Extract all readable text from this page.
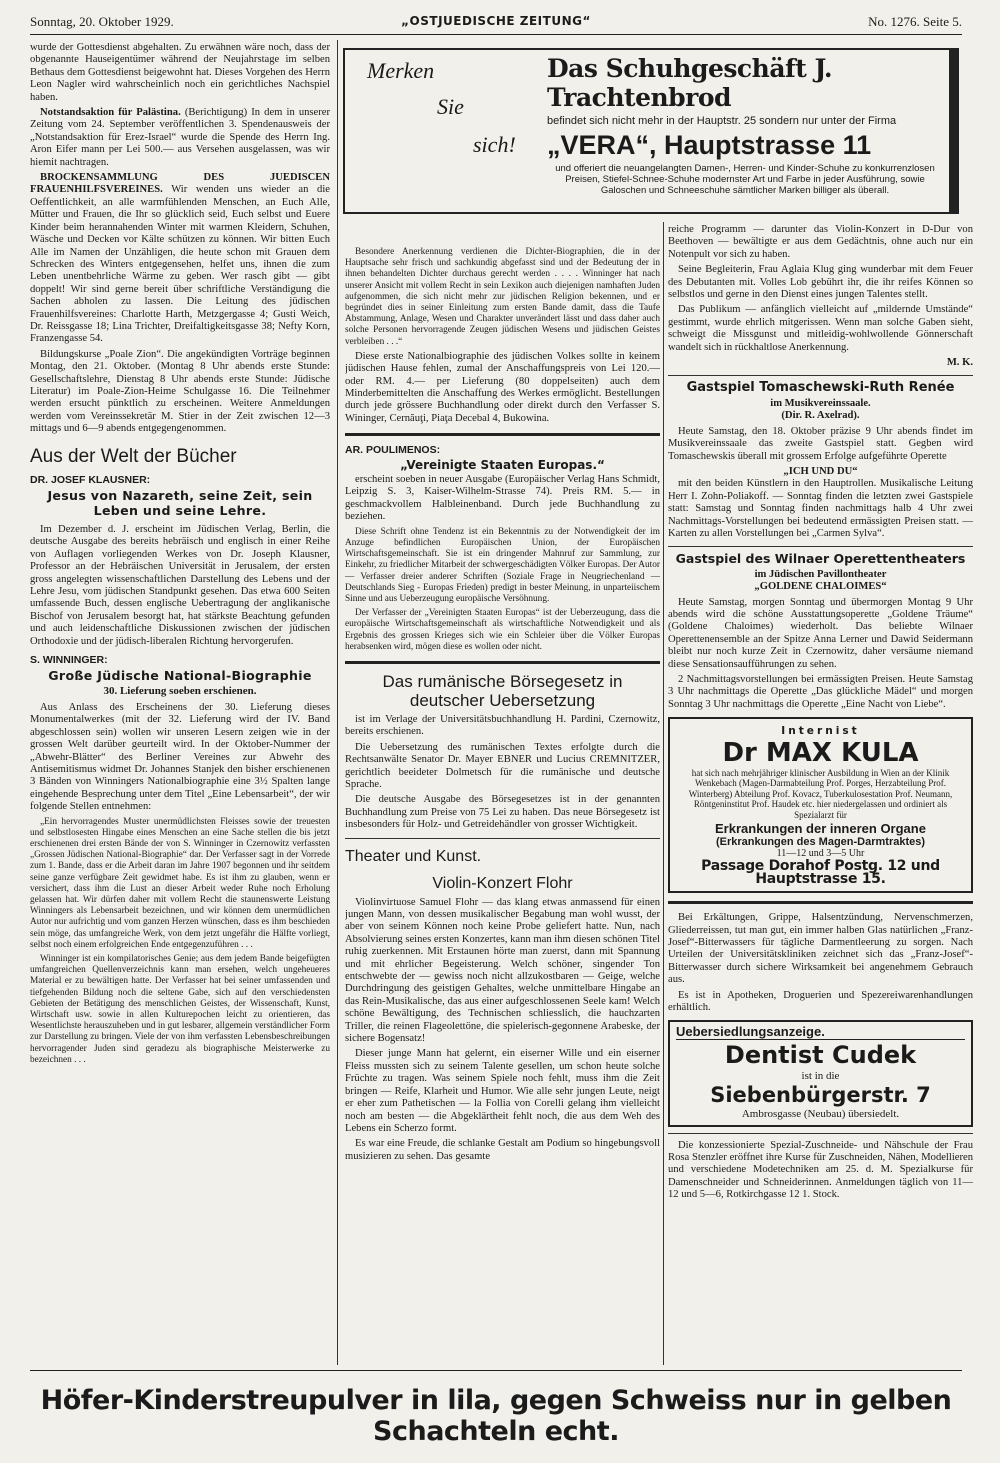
Sonntag, 20. Oktober 1929.	„OSTJUEDISCHE ZEITUNG“	No. 1276. Seite 5.

wurde der Gottesdienst abgehalten. Zu erwähnen wäre noch, dass der obgenannte Hauseigentümer während der Neujahrstage im selben Bethaus dem Gottesdienst beigewohnt hat. Dieses Vorgehen des Herrn Leon Nagler wird wahrscheinlich noch ein gerichtliches Nachspiel haben.

Notstandsaktion für Palästina. (Berichtigung) In dem in unserer Zeitung vom 24. September veröffentlichen 3. Spendenausweis der „Notstandsaktion für Erez-Israel“ wurde die Spende des Herrn Ing. Aron Eifer mann per Lei 500.— aus Versehen ausgelassen, was wir hiemit nachtragen.

BROCKENSAMMLUNG DES JUEDISCEN FRAUENHILFSVEREINES. Wir wenden uns wieder an die Oeffentlichkeit, an alle warmfühlenden Menschen, an Euch Alle, Mütter und Frauen, die Ihr so glücklich seid, Euch selbst und Euere Kinder beim herannahenden Winter mit warmen Kleidern, Schuhen, Wäsche und Decken vor Kälte schützen zu können. Wir bitten Euch Alle im Namen der Unzähligen, die heute schon mit Grauen dem Schrecken des Winters entgegensehen, helfet uns, ihnen die zum Leben unentbehrliche Wärme zu geben. Wer rasch gibt — gibt doppelt! Wir sind gerne bereit über schriftliche Verständigung die Sachen abholen zu lassen. Die Leitung des jüdischen Frauenhilfsvereines: Charlotte Harth, Metzgergasse 4; Gusti Weich, Dr. Reissgasse 18; Lina Trichter, Dreifaltigkeitsgasse 38; Nefty Korn, Franzengasse 54.

Bildungskurse „Poale Zion“. Die angekündigten Vorträge beginnen Montag, den 21. Oktober. (Montag 8 Uhr abends erste Stunde: Gesellschaftslehre, Dienstag 8 Uhr abends erste Stunde: Jüdische Literatur) im Poale-Zion-Heime Schulgasse 16. Die Teilnehmer werden ersucht pünktlich zu erscheinen. Weitere Anmeldungen werden vom Vereinssekretär M. Stier in der Zeit zwischen 12—3 mittags und 6—9 abends entgegengenommen.

Aus der Welt der Bücher
DR. JOSEF KLAUSNER:
Jesus von Nazareth, seine Zeit, sein Leben und seine Lehre.

Im Dezember d. J. erscheint im Jüdischen Verlag, Berlin, die deutsche Ausgabe des bereits hebräisch und englisch in einer Reihe von Auflagen vorliegenden Werkes von Dr. Joseph Klausner, Professor an der Hebräischen Universität in Jerusalem, der ersten gross angelegten wissenschaftlichen Darstellung des Lebens und der Lehre Jesu, vom jüdischen Standpunkt gesehen. Das etwa 600 Seiten umfassende Buch, dessen englische Uebertragung der anglikanische Bischof von Jerusalem besorgt hat, hat stärkste Beachtung gefunden und auch leidenschaftliche Diskussionen zwischen der jüdischen Orthodoxie und der jüdisch-liberalen Richtung hervorgerufen.

S. WINNINGER:
Große Jüdische National-Biographie
30. Lieferung soeben erschienen.

Aus Anlass des Erscheinens der 30. Lieferung dieses Monumentalwerkes (mit der 32. Lieferung wird der IV. Band abgeschlossen sein) wollen wir unseren Lesern zeigen wie in der grossen Welt darüber geurteilt wird. In der Oktober-Nummer der „Abwehr-Blätter“ des Berliner Vereines zur Abwehr des Antisemitismus widmet Dr. Johannes Stanjek den bisher erschienenen 3 Bänden von Winningers Nationalbiographie eine 3½ Spalten lange eingehende Besprechung unter dem Titel „Eine Lebensarbeit“, der wir folgende Stellen entnehmen:

„Ein hervorragendes Muster unermüdlichsten Fleisses sowie der treuesten und selbstlosesten Hingabe eines Menschen an eine Sache stellen die bis jetzt erschienenen drei ersten Bände der von S. Winninger in Czernowitz verfassten „Grossen Jüdischen National-Biographie“ dar. Der Verfasser sagt in der Vorrede zum 1. Bande, dass er die Arbeit daran im Jahre 1907 begonnen und ihr seitdem seine ganze verfügbare Zeit gewidmet habe. Es ist ihm zu glauben, wenn er versichert, dass ihm die Lust an dieser Arbeit weder Ruhe noch Erholung gelassen hat. Wir dürfen daher mit vollem Recht die staunenswerte Leistung Winningers als Lebensarbeit bezeichnen, und wir können dem unermüdlichen Autor nur aufrichtig und vom ganzen Herzen wünschen, dass es ihm beschieden sein möge, das umfangreiche Werk, von dem jetzt ungefähr die Hälfte vorliegt, selbst noch einem erfolgreichen Ende entgegenzuführen . . .

Winninger ist ein kompilatorisches Genie; aus dem jedem Bande beigefügten umfangreichen Quellenverzeichnis kann man ersehen, welch ungeheueres Material er zu bewältigen hatte. Der Verfasser hat bei seiner umfassenden und tiefgehenden Bildung noch die seltene Gabe, sich auf den verschiedensten Gebieten der Betätigung des menschlichen Geistes, der Wissenschaft, Kunst, Wirtschaft usw. sowie in allen Kulturepochen leicht zu orientieren, das Wesentlichste herauszuheben und in gut lesbarer, allgemein verständlicher Form zur Darstellung zu bringen. Viele der von ihm verfassten Lebensbeschreibungen hervorragender Juden sind geradezu als biographische Meisterwerke zu bezeichnen . . .

Merken
Sie
sich!
Das Schuhgeschäft J. Trachtenbrod
befindet sich nicht mehr in der Hauptstr. 25 sondern nur unter der Firma
„VERA“, Hauptstrasse 11
und offeriert die neuangelangten Damen-, Herren- und Kinder-Schuhe zu konkurrenzlosen Preisen, Stiefel-Schnee-Schuhe modernster Art und Farbe in jeder Ausführung, sowie Galoschen und Schneeschuhe sämtlicher Marken billiger als überall.

Besondere Anerkennung verdienen die Dichter-Biographien, die in der Hauptsache sehr frisch und sachkundig abgefasst sind und der Bedeutung der in ihnen behandelten Dichter durchaus gerecht werden . . . . Winninger hat nach unserer Ansicht mit vollem Recht in sein Lexikon auch diejenigen namhaften Juden aufgenommen, die sich nicht mehr zur jüdischen Religion bekennen, und er begründet dies in seiner Einleitung zum ersten Bande damit, dass die Taufe Abstammung, Anlage, Wesen und Charakter unverändert lässt und dass daher auch solche Personen hervorragende Zeugen jüdischen Wesens und jüdischen Geistes verbleiben . . .“

Diese erste Nationalbiographie des jüdischen Volkes sollte in keinem jüdischen Hause fehlen, zumal der Anschaffungspreis von Lei 120.— oder RM. 4.— per Lieferung (80 doppelseiten) auch dem Minderbemittelten die Anschaffung des Werkes ermöglicht. Bestellungen durch jede grössere Buchhandlung oder direkt durch den Verfasser S. Wininger, Cernăuţi, Piaţa Decebal 4, Bukowina.

AR. POULIMENOS:
„Vereinigte Staaten Europas.“

erscheint soeben in neuer Ausgabe (Europäischer Verlag Hans Schmidt, Leipzig S. 3, Kaiser-Wilhelm-Strasse 74). Preis RM. 5.— in geschmackvollem Halbleinenband. Durch jede Buchhandlung zu beziehen.

Diese Schrift ohne Tendenz ist ein Bekenntnis zu der Notwendigkeit der im Anzuge befindlichen Europäischen Union, der Europäischen Wirtschaftsgemeinschaft. Sie ist ein dringender Mahnruf zur Sammlung, zur Einkehr, zu friedlicher Mitarbeit der schwergeschädigten Völker Europas. Der Autor — Verfasser dreier anderer Schriften (Soziale Frage in Neugriechenland — Deutschlands Sieg - Europas Frieden) predigt in bester Meinung, in unparteiischem Sinne und aus Ueberzeugung europäische Versöhnung.

Der Verfasser der „Vereinigten Staaten Europas“ ist der Ueberzeugung, dass die europäische Wirtschaftsgemeinschaft als wirtschaftliche Notwendigkeit und als Ergebnis des grossen Krieges sich wie ein Schleier über die Völker Europas herabsenken wird, mögen diese es wollen oder nicht.

Das rumänische Börsegesetz in deutscher Uebersetzung

ist im Verlage der Universitätsbuchhandlung H. Pardini, Czernowitz, bereits erschienen.

Die Uebersetzung des rumänischen Textes erfolgte durch die Rechtsanwälte Senator Dr. Mayer EBNER und Lucius CREMNITZER, gerichtlich beeideter Dolmetsch für die rumänische und deutsche Sprache.

Die deutsche Ausgabe des Börsegesetzes ist in der genannten Buchhandlung zum Preise von 75 Lei zu haben. Das neue Börsegesetz ist insbesonders für Holz- und Getreidehändler von grosser Wichtigkeit.

Theater und Kunst.
Violin-Konzert Flohr

Violinvirtuose Samuel Flohr — das klang etwas anmassend für einen jungen Mann, von dessen musikalischer Begabung man wohl wusst, der aber von seinem Können noch keine Probe geliefert hatte. Nun, nach Absolvierung seines ersten Konzertes, kann man ihm diesen schönen Titel ruhig zuerkennen. Mit Erstaunen hörte man zuerst, dann mit Spannung und mit ehrlicher Begeisterung. Welch schöner, singender Ton entschwebte der — gewiss noch nicht allzukostbaren — Geige, welche Durchdringung des geistigen Gehaltes, welche unmittelbare Hingabe an das Rein-Musikalische, das aus einer aufgeschlossenen Seele kam! Welch schöne Bewältigung, des Technischen schliesslich, die hauchzarten Triller, die reinen Flageolettöne, die spielerisch-gegonnene Arabeske, der sichere Bogensatz!

Dieser junge Mann hat gelernt, ein eiserner Wille und ein eiserner Fleiss mussten sich zu seinem Talente gesellen, um schon heute solche Früchte zu tragen. Was seinem Spiele noch fehlt, muss ihm die Zeit bringen — Reife, Klarheit und Humor. Wie alle sehr jungen Leute, neigt er eher zum Pathetischen — la Follia von Corelli gelang ihm vielleicht noch am besten — die Abgeklärtheit fehlt noch, die aus dem Weh des Lebens ein Scherzo formt.

Es war eine Freude, die schlanke Gestalt am Podium so hingebungsvoll musizieren zu sehen. Das gesamte

reiche Programm — darunter das Violin-Konzert in D-Dur von Beethoven — bewältigte er aus dem Gedächtnis, ohne auch nur ein Notenpult vor sich zu haben.

Seine Begleiterin, Frau Aglaia Klug ging wunderbar mit dem Feuer des Debutanten mit. Volles Lob gebührt ihr, die ihr reifes Können so selbstlos und gerne in den Dienst eines jungen Talentes stellt.

Das Publikum — anfänglich vielleicht auf „mildernde Umstände“ gestimmt, wurde ehrlich mitgerissen. Wenn man solche Gaben sieht, schweigt die Missgunst und mitleidig-wohlwollende Gönnerschaft wandelt sich in rückhaltlose Anerkennung.

M. K.
Gastspiel Tomaschewski-Ruth Renée
im Musikvereinssaale.
(Dir. R. Axelrad).

Heute Samstag, den 18. Oktober präzise 9 Uhr abends findet im Musikvereinssaale das zweite Gastspiel statt. Gegben wird Tomaschewskis überall mit grossem Erfolge aufgeführte Operette

„ICH UND DU“

mit den beiden Künstlern in den Hauptrollen. Musikalische Leitung Herr I. Zohn-Poliakoff. — Sonntag finden die letzten zwei Gastspiele statt: Samstag und Sonntag finden nachmittags halb 4 Uhr zwei Nachmittags-Vorstellungen bei bedeutend ermässigten Preisen statt. — Karten zu allen Vorstellungen bei „Carmen Sylva“.

Gastspiel des Wilnaer Operettentheaters
im Jüdischen Pavillontheater
„GOLDENE CHALOIMES“

Heute Samstag, morgen Sonntag und übermorgen Montag 9 Uhr abends wird die schöne Ausstattungsoperette „Goldene Träume“ (Goldene Chaloimes) wiederholt. Das beliebte Wilnaer Operettenensemble an der Spitze Anna Lerner und Dawid Seidermann bleibt nur noch kurze Zeit in Czernowitz, daher versäume niemand diese Sensationsaufführungen zu sehen.

2 Nachmittagsvorstellungen bei ermässigten Preisen. Heute Samstag 3 Uhr nachmittags die Operette „Das glückliche Mädel“ und morgen Sonntag 3 Uhr nachmittags die Operette „Eine Nacht von Liebe“.

Internist
Dr MAX KULA
hat sich nach mehrjähriger klinischer Ausbildung in Wien an der Klinik Wenkebach (Magen-Darmabteilung Prof. Porges, Herzabteilung Prof. Winterberg) Abteilung Prof. Kovacz, Tuberkulosestation Prof. Neumann, Röntgeninstitut Prof. Haudek etc. hier niedergelassen und ordiniert als Spezialarzt für
Erkrankungen der inneren Organe
(Erkrankungen des Magen-Darmtraktes)
11—12 und 3—5 Uhr
Passage Dorahof Postg. 12 und Hauptstrasse 15.

Bei Erkältungen, Grippe, Halsentzündung, Nervenschmerzen, Gliederreissen, tut man gut, ein immer halben Glas natürlichen „Franz-Josef“-Bitterwassers für tägliche Darmentleerung zu sorgen. Nach Urteilen der Universitätskliniken zeichnet sich das „Franz-Josef“-Bitterwasser durch sichere Wirksamkeit bei angenehmem Gebrauch aus.

Es ist in Apotheken, Droguerien und Spezereiwarenhandlungen erhältlich.

Uebersiedlungsanzeige.
Dentist Cudek
ist in die
Siebenbürgerstr. 7
Ambrosgasse (Neubau) übersiedelt.

Die konzessionierte Spezial-Zuschneide- und Nähschule der Frau Rosa Stenzler eröffnet ihre Kurse für Zuschneiden, Nähen, Modellieren und verschiedene Modetechniken am 25. d. M. Spezialkurse für Damenschneider und Schneiderinnen. Anmeldungen täglich von 11—12 und 5—6, Rotkirchgasse 12 1. Stock.

Höfer-Kinderstreupulver in lila, gegen Schweiss nur in gelben Schachteln echt.
